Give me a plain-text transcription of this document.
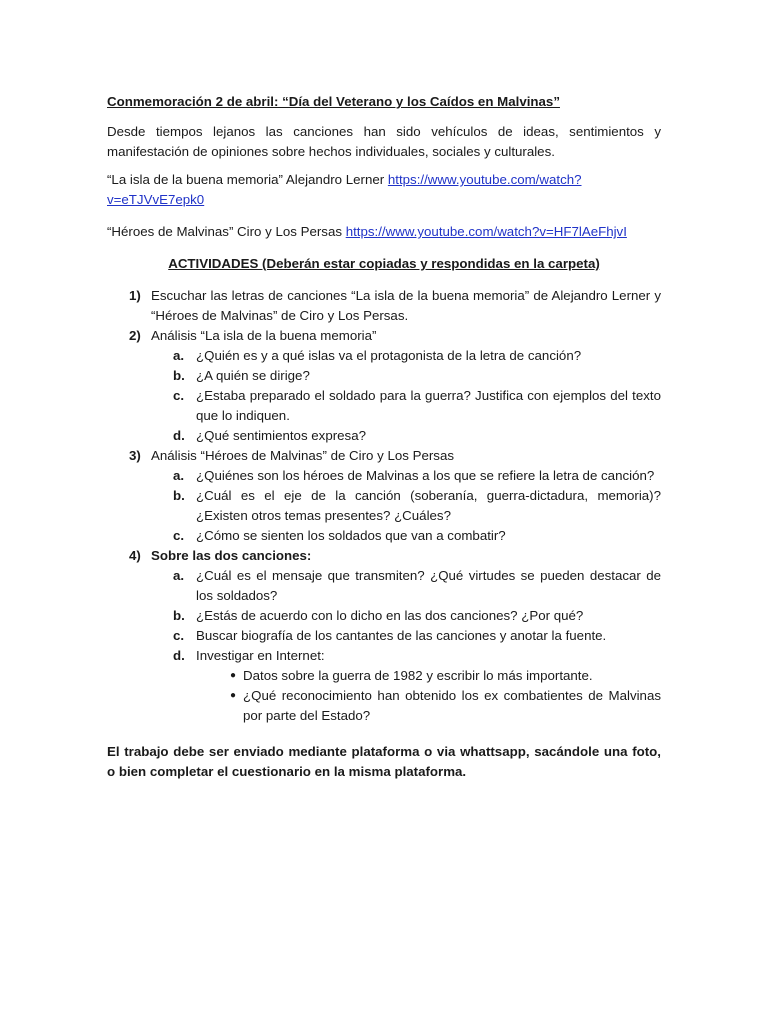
Conmemoración 2 de abril: “Día del Veterano y los Caídos en Malvinas”
Desde tiempos lejanos las canciones han sido vehículos de ideas, sentimientos y manifestación de opiniones sobre hechos individuales, sociales y culturales.
“La isla de la buena memoria” Alejandro Lerner https://www.youtube.com/watch?v=eTJVvE7epk0
“Héroes de Malvinas” Ciro y Los Persas https://www.youtube.com/watch?v=HF7lAeFhjvI
ACTIVIDADES (Deberán estar copiadas y respondidas en la carpeta)
1) Escuchar las letras de canciones “La isla de la buena memoria” de Alejandro Lerner y “Héroes de Malvinas” de Ciro y Los Persas.
2) Análisis “La isla de la buena memoria”
a. ¿Quién es y a qué islas va el protagonista de la letra de canción?
b. ¿A quién se dirige?
c. ¿Estaba preparado el soldado para la guerra? Justifica con ejemplos del texto que lo indiquen.
d. ¿Qué sentimientos expresa?
3) Análisis “Héroes de Malvinas” de Ciro y Los Persas
a. ¿Quiénes son los héroes de Malvinas a los que se refiere la letra de canción?
b. ¿Cuál es el eje de la canción (soberanía, guerra-dictadura, memoria)? ¿Existen otros temas presentes? ¿Cuáles?
c. ¿Cómo se sienten los soldados que van a combatir?
4) Sobre las dos canciones:
a. ¿Cuál es el mensaje que transmiten? ¿Qué virtudes se pueden destacar de los soldados?
b. ¿Estás de acuerdo con lo dicho en las dos canciones? ¿Por qué?
c. Buscar biografía de los cantantes de las canciones y anotar la fuente.
d. Investigar en Internet:
● Datos sobre la guerra de 1982 y escribir lo más importante.
● ¿Qué reconocimiento han obtenido los ex combatientes de Malvinas por parte del Estado?
El trabajo debe ser enviado mediante plataforma o via whattsapp, sacándole una foto, o bien completar el cuestionario en la misma plataforma.
